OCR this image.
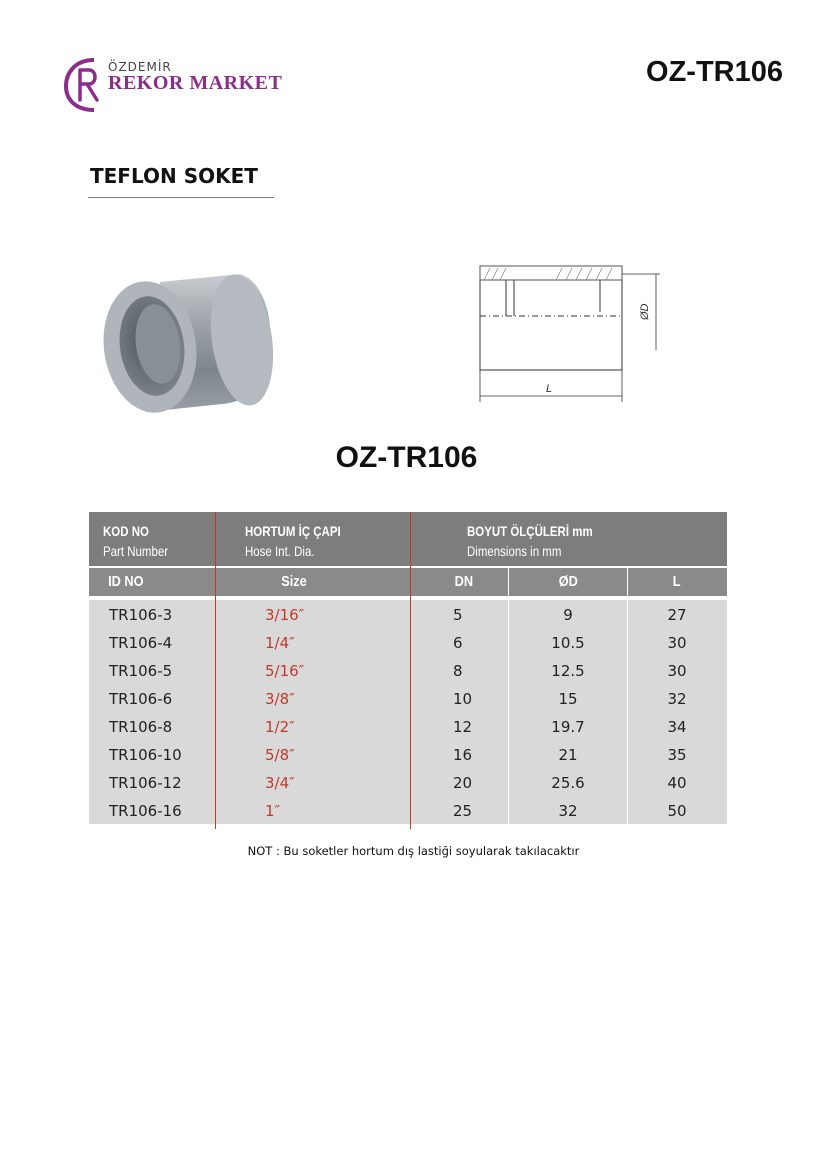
ÖZDEMİR
REKOR MARKET	OZ-TR106
TEFLON SOKET
ØD
L
OZ-TR106
KOD NO
Part Number
HORTUM İÇ ÇAPI
Hose Int. Dia.
BOYUT ÖLÇÜLERİ mm
Dimensions in mm
ID NO	Size	DN	ØD	L
TR106-3	3/16″	5	9	27
TR106-4	1/4″	6	10.5	30
TR106-5	5/16″	8	12.5	30
TR106-6	3/8″	10	15	32
TR106-8	1/2″	12	19.7	34
TR106-10	5/8″	16	21	35
TR106-12	3/4″	20	25.6	40
TR106-16	1″	25	32	50
NOT : Bu soketler hortum dış lastiği soyularak takılacaktır
